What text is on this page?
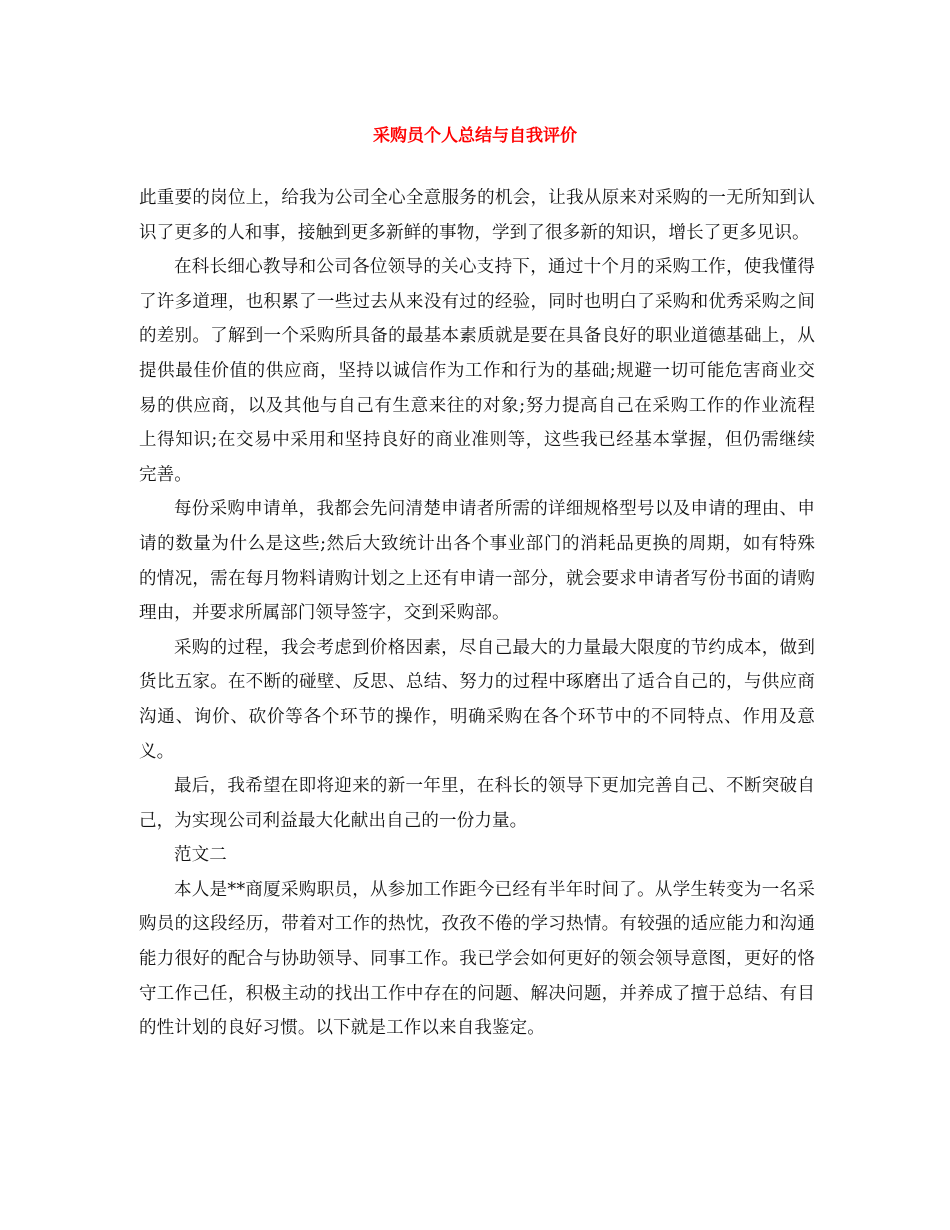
采购员个人总结与自我评价

此重要的岗位上，给我为公司全心全意服务的机会，让我从原来对采购的一无所知到认识了更多的人和事，接触到更多新鲜的事物，学到了很多新的知识，增长了更多见识。

在科长细心教导和公司各位领导的关心支持下，通过十个月的采购工作，使我懂得了许多道理，也积累了一些过去从来没有过的经验，同时也明白了采购和优秀采购之间的差别。了解到一个采购所具备的最基本素质就是要在具备良好的职业道德基础上，从提供最佳价值的供应商，坚持以诚信作为工作和行为的基础;规避一切可能危害商业交易的供应商，以及其他与自己有生意来往的对象;努力提高自己在采购工作的作业流程上得知识;在交易中采用和坚持良好的商业准则等，这些我已经基本掌握，但仍需继续完善。

每份采购申请单，我都会先问清楚申请者所需的详细规格型号以及申请的理由、申请的数量为什么是这些;然后大致统计出各个事业部门的消耗品更换的周期，如有特殊的情况，需在每月物料请购计划之上还有申请一部分，就会要求申请者写份书面的请购理由，并要求所属部门领导签字，交到采购部。

采购的过程，我会考虑到价格因素，尽自己最大的力量最大限度的节约成本，做到货比五家。在不断的碰壁、反思、总结、努力的过程中琢磨出了适合自己的，与供应商沟通、询价、砍价等各个环节的操作，明确采购在各个环节中的不同特点、作用及意义。

最后，我希望在即将迎来的新一年里，在科长的领导下更加完善自己、不断突破自己，为实现公司利益最大化献出自己的一份力量。

范文二

本人是**商厦采购职员，从参加工作距今已经有半年时间了。从学生转变为一名采购员的这段经历，带着对工作的热忱，孜孜不倦的学习热情。有较强的适应能力和沟通能力很好的配合与协助领导、同事工作。我已学会如何更好的领会领导意图，更好的恪守工作己任，积极主动的找出工作中存在的问题、解决问题，并养成了擅于总结、有目的性计划的良好习惯。以下就是工作以来自我鉴定。
